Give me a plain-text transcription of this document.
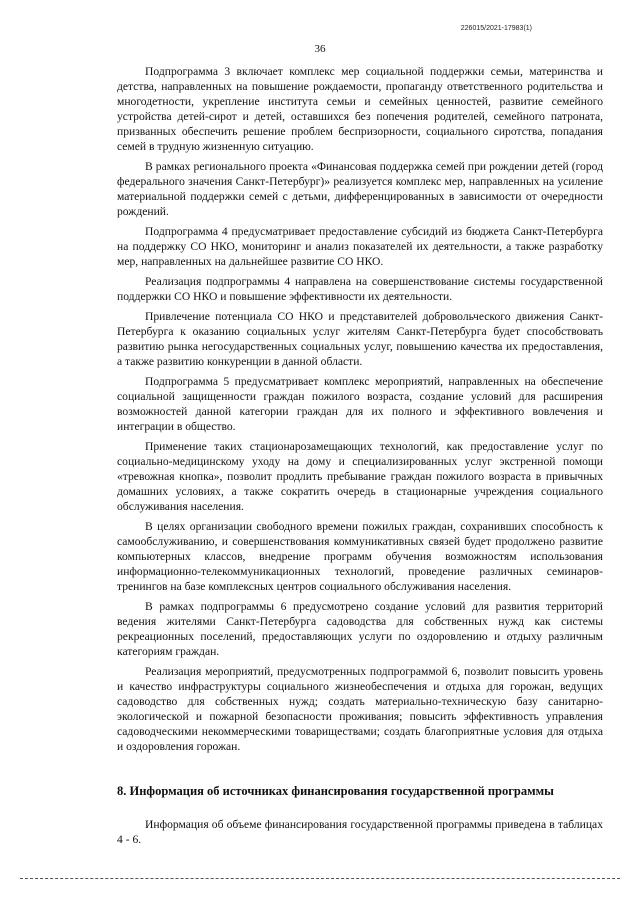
226015/2021-17983(1)
36

Подпрограмма 3 включает комплекс мер социальной поддержки семьи, материнства и детства, направленных на повышение рождаемости, пропаганду ответственного родительства и многодетности, укрепление института семьи и семейных ценностей, развитие семейного устройства детей-сирот и детей, оставшихся без попечения родителей, семейного патроната, призванных обеспечить решение проблем беспризорности, социального сиротства, попадания семей в трудную жизненную ситуацию.

В рамках регионального проекта «Финансовая поддержка семей при рождении детей (город федерального значения Санкт-Петербург)» реализуется комплекс мер, направленных на усиление материальной поддержки семей с детьми, дифференцированных в зависимости от очередности рождений.

Подпрограмма 4 предусматривает предоставление субсидий из бюджета Санкт-Петербурга на поддержку СО НКО, мониторинг и анализ показателей их деятельности, а также разработку мер, направленных на дальнейшее развитие СО НКО.

Реализация подпрограммы 4 направлена на совершенствование системы государственной поддержки СО НКО и повышение эффективности их деятельности.

Привлечение потенциала СО НКО и представителей добровольческого движения Санкт-Петербурга к оказанию социальных услуг жителям Санкт-Петербурга будет способствовать развитию рынка негосударственных социальных услуг, повышению качества их предоставления, а также развитию конкуренции в данной области.

Подпрограмма 5 предусматривает комплекс мероприятий, направленных на обеспечение социальной защищенности граждан пожилого возраста, создание условий для расширения возможностей данной категории граждан для их полного и эффективного вовлечения и интеграции в общество.

Применение таких стационарозамещающих технологий, как предоставление услуг по социально-медицинскому уходу на дому и специализированных услуг экстренной помощи «тревожная кнопка», позволит продлить пребывание граждан пожилого возраста в привычных домашних условиях, а также сократить очередь в стационарные учреждения социального обслуживания населения.

В целях организации свободного времени пожилых граждан, сохранивших способность к самообслуживанию, и совершенствования коммуникативных связей будет продолжено развитие компьютерных классов, внедрение программ обучения возможностям использования информационно-телекоммуникационных технологий, проведение различных семинаров-тренингов на базе комплексных центров социального обслуживания населения.

В рамках подпрограммы 6 предусмотрено создание условий для развития территорий ведения жителями Санкт-Петербурга садоводства для собственных нужд как системы рекреационных поселений, предоставляющих услуги по оздоровлению и отдыху различным категориям граждан.

Реализация мероприятий, предусмотренных подпрограммой 6, позволит повысить уровень и качество инфраструктуры социального жизнеобеспечения и отдыха для горожан, ведущих садоводство для собственных нужд; создать материально-техническую базу санитарно-экологической и пожарной безопасности проживания; повысить эффективность управления садоводческими некоммерческими товариществами; создать благоприятные условия для отдыха и оздоровления горожан.

8. Информация об источниках финансирования государственной программы

Информация об объеме финансирования государственной программы приведена в таблицах 4 - 6.
